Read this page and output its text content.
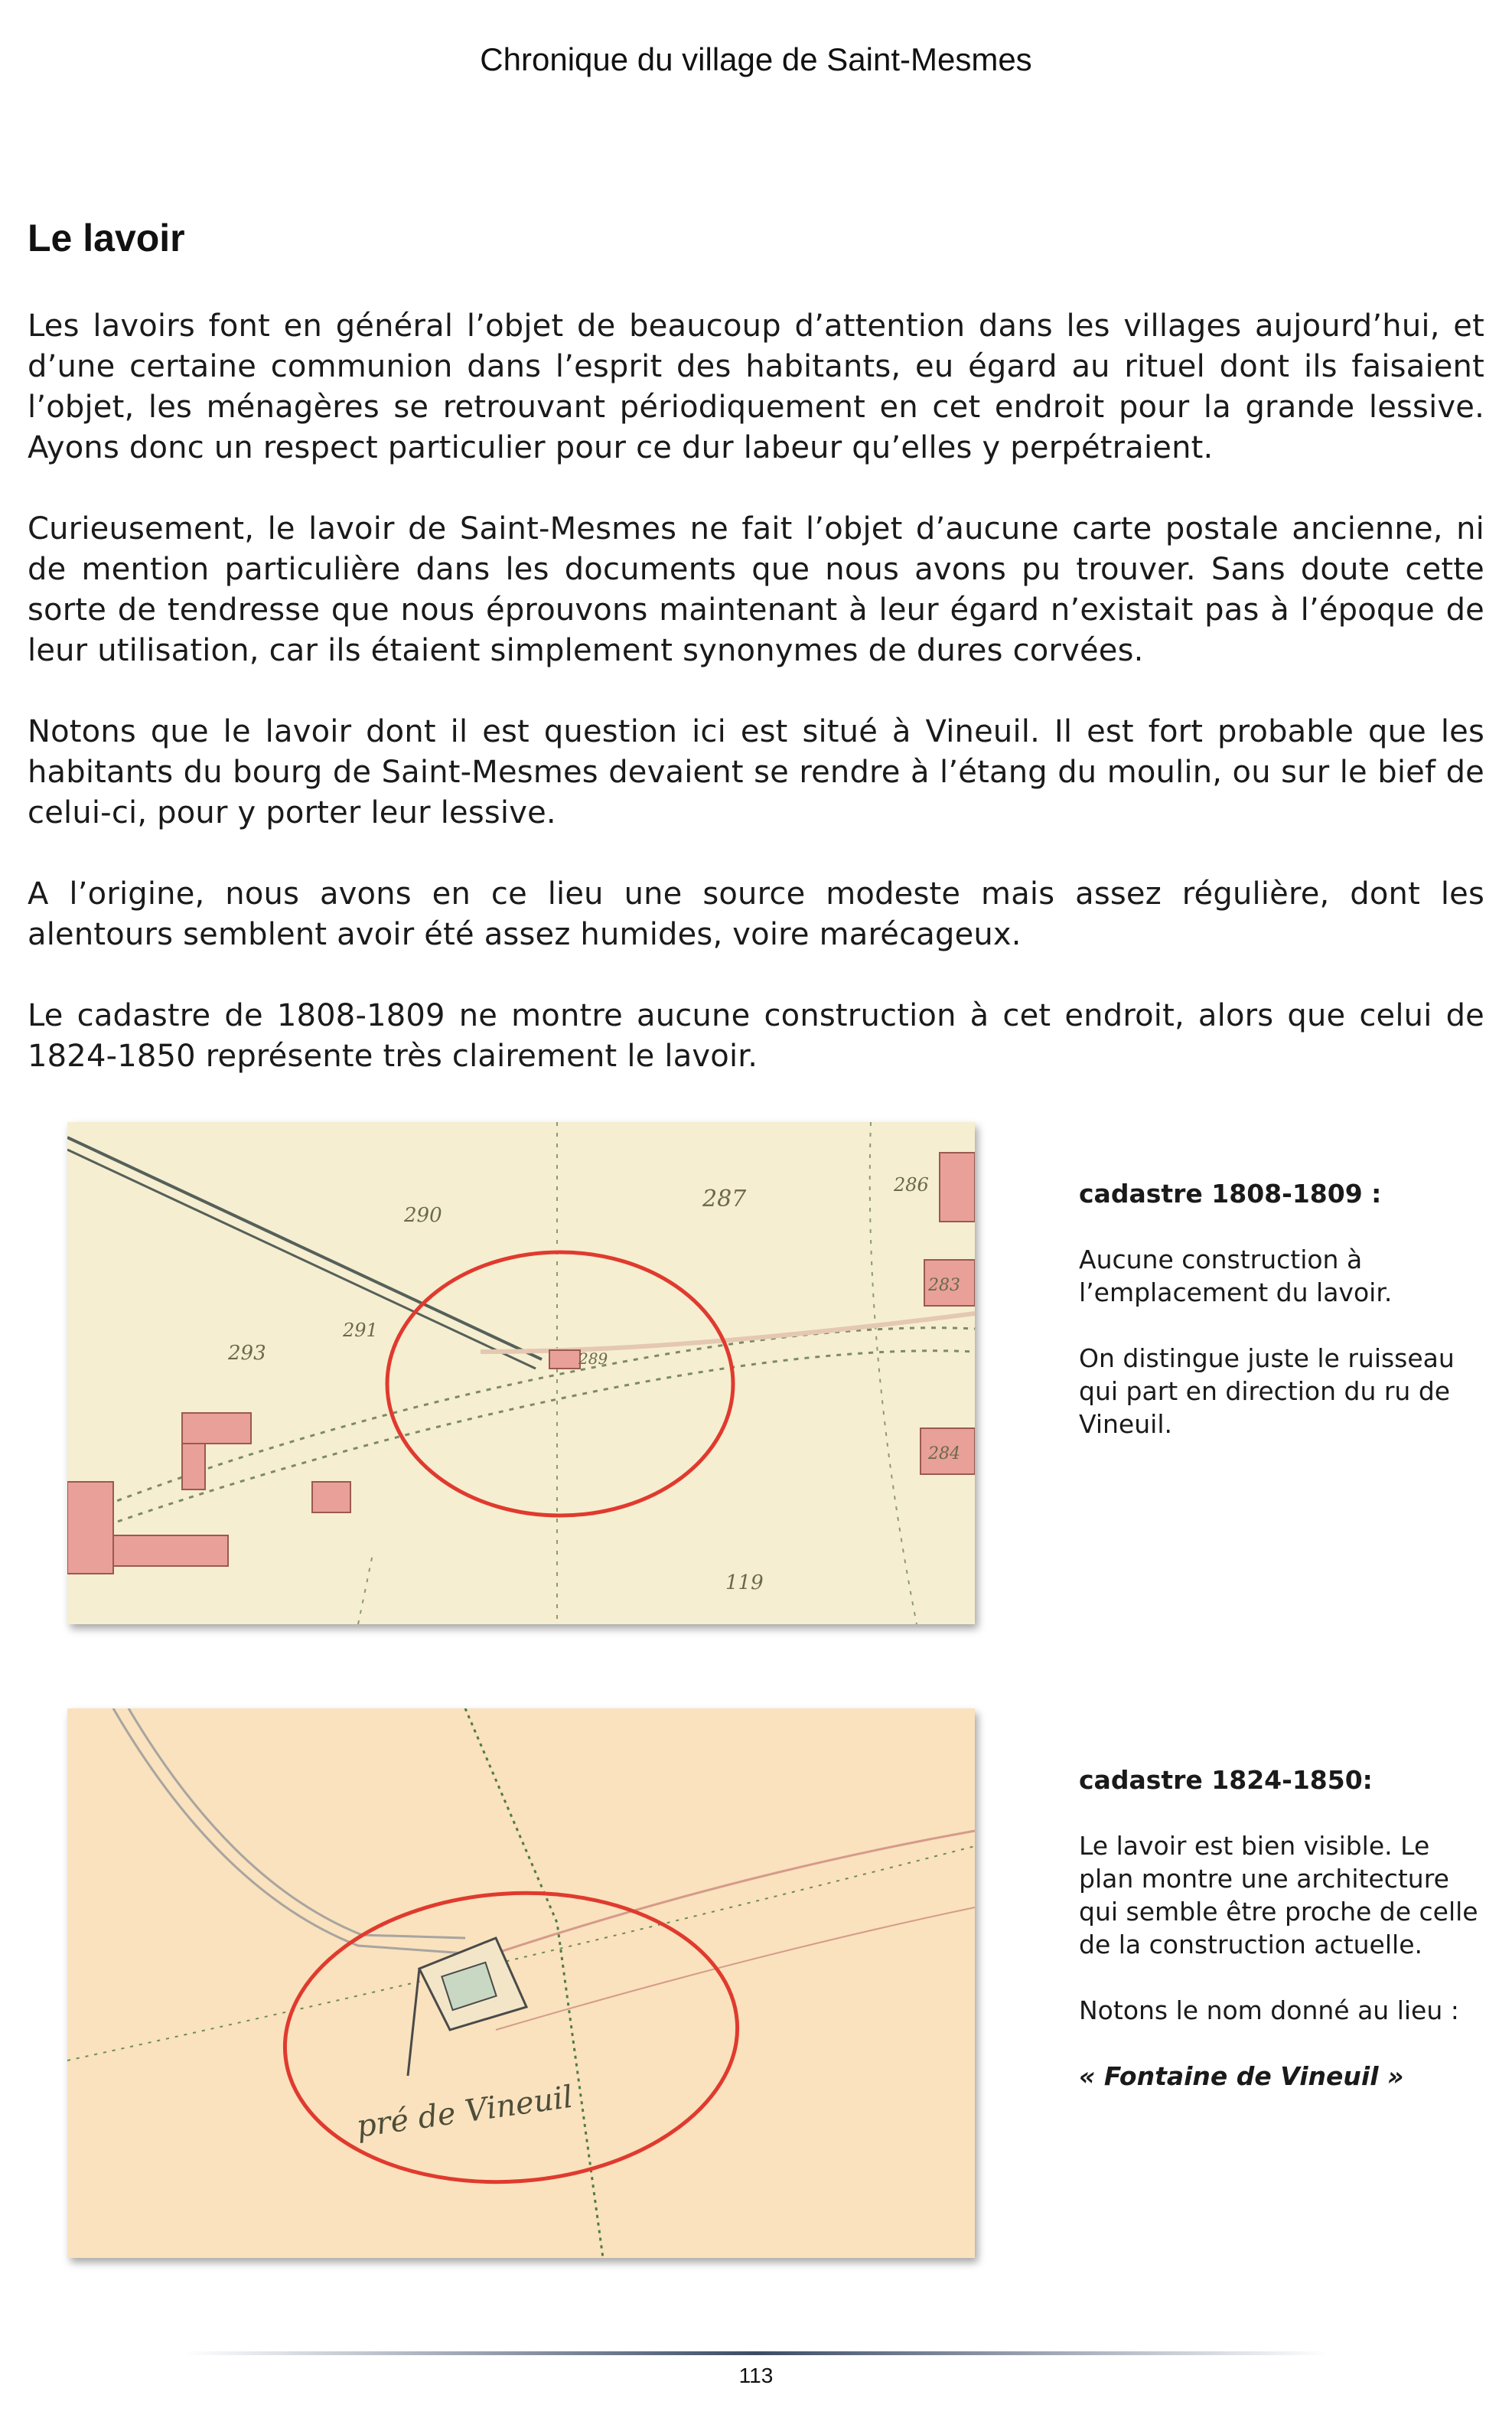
Chronique du village de Saint-Mesmes
Le lavoir

Les lavoirs font en général l’objet de beaucoup d’attention dans les villages aujourd’hui, et d’une certaine communion dans l’esprit des habitants, eu égard au rituel dont ils faisaient l’objet, les ménagères se retrouvant périodiquement en cet endroit pour la grande lessive. Ayons donc un respect particulier pour ce dur labeur qu’elles y perpétraient.

Curieusement, le lavoir de Saint-Mesmes ne fait l’objet d’aucune carte postale ancienne, ni de mention particulière dans les documents que nous avons pu trouver. Sans doute cette sorte de tendresse que nous éprouvons maintenant à leur égard n’existait pas à l’époque de leur utilisation, car ils étaient simplement synonymes de dures corvées.

Notons que le lavoir dont il est question ici est situé à Vineuil. Il est fort probable que les habitants du bourg de Saint-Mesmes devaient se rendre à l’étang du moulin, ou sur le bief de celui-ci, pour y porter leur lessive.

A l’origine, nous avons en ce lieu une source modeste mais assez régulière, dont les alentours semblent avoir été assez humides, voire marécageux.

Le cadastre de 1808-1809 ne montre aucune construction à cet endroit, alors que celui de 1824-1850 représente très clairement le lavoir.

290
287
293
291
289
286
283
284
119

cadastre 1808-1809 :

Aucune construction à l’emplacement du lavoir.

On distingue juste le ruisseau qui part en direction du ru de Vineuil.

pré de Vineuil

cadastre 1824-1850:

Le lavoir est bien visible. Le plan montre une architecture qui semble être proche de celle de la construction actuelle.

Notons le nom donné au lieu :

« Fontaine de Vineuil »

113
